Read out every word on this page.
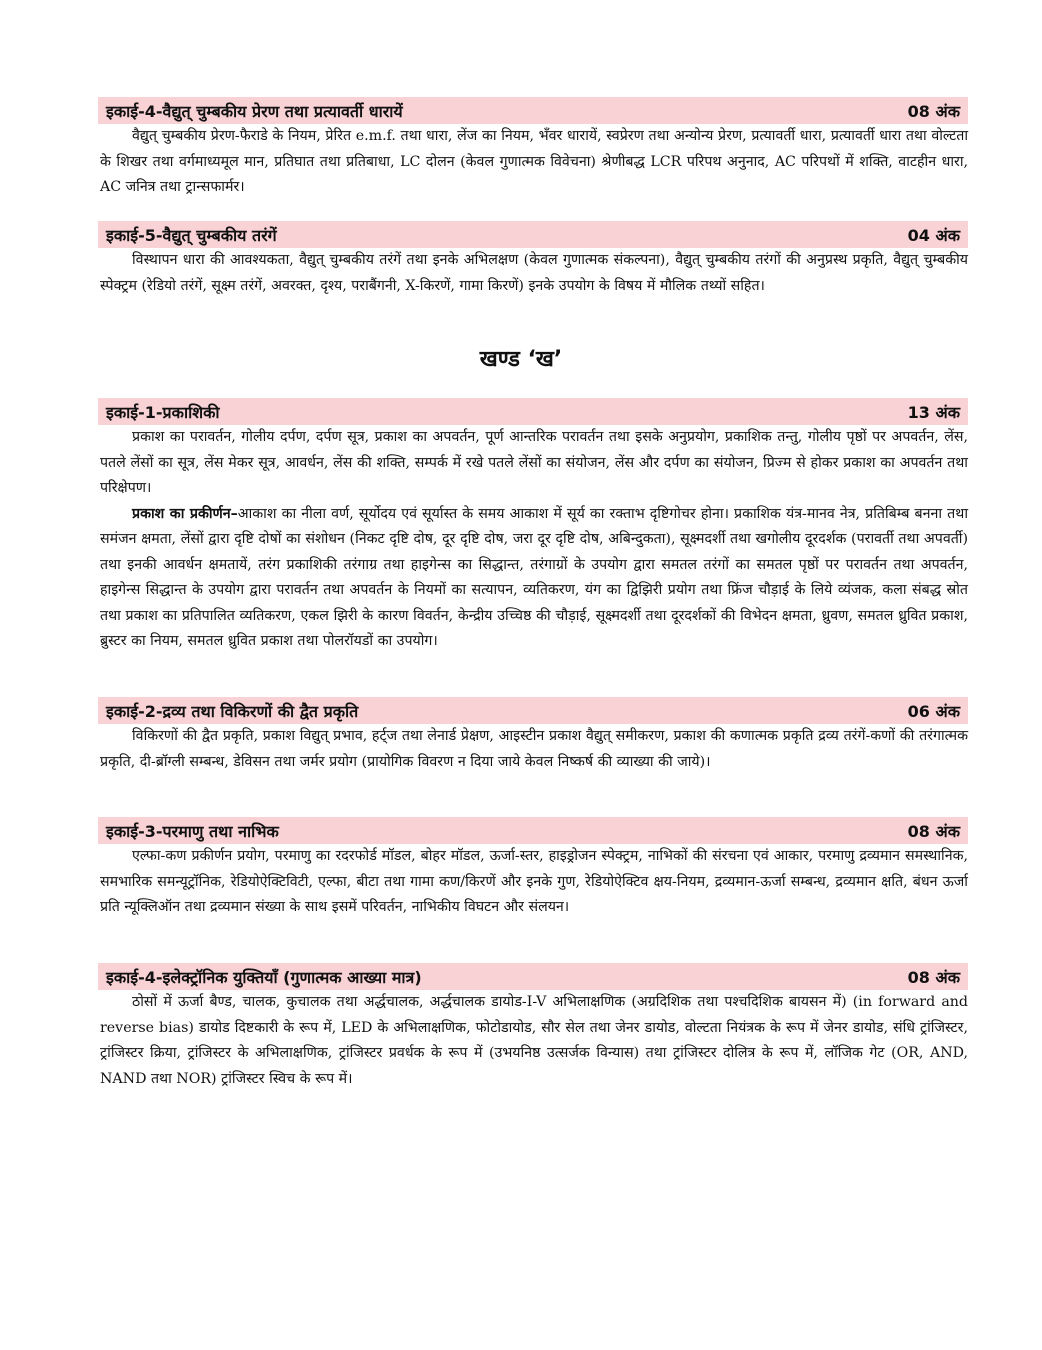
इकाई-4-वैद्युत् चुम्बकीय प्रेरण तथा प्रत्यावर्ती धारायें	08 अंक

वैद्युत् चुम्बकीय प्रेरण-फैराडे के नियम, प्रेरित e.m.f. तथा धारा, लेंज का नियम, भँवर धारायें, स्वप्रेरण तथा अन्योन्य प्रेरण, प्रत्यावर्ती धारा, प्रत्यावर्ती धारा तथा वोल्टता के शिखर तथा वर्गमाध्यमूल मान, प्रतिघात तथा प्रतिबाधा, LC दोलन (केवल गुणात्मक विवेचना) श्रेणीबद्ध LCR परिपथ अनुनाद, AC परिपथों में शक्ति, वाटहीन धारा, AC जनित्र तथा ट्रान्सफार्मर।

इकाई-5-वैद्युत् चुम्बकीय तरंगें	04 अंक

विस्थापन धारा की आवश्यकता, वैद्युत् चुम्बकीय तरंगें तथा इनके अभिलक्षण (केवल गुणात्मक संकल्पना), वैद्युत् चुम्बकीय तरंगों की अनुप्रस्थ प्रकृति, वैद्युत् चुम्बकीय स्पेक्ट्रम (रेडियो तरंगें, सूक्ष्म तरंगें, अवरक्त, दृश्य, पराबैंगनी, X-किरणें, गामा किरणें) इनके उपयोग के विषय में मौलिक तथ्यों सहित।

खण्ड ‘ख’
इकाई-1-प्रकाशिकी	13 अंक

प्रकाश का परावर्तन, गोलीय दर्पण, दर्पण सूत्र, प्रकाश का अपवर्तन, पूर्ण आन्तरिक परावर्तन तथा इसके अनुप्रयोग, प्रकाशिक तन्तु, गोलीय पृष्ठों पर अपवर्तन, लेंस, पतले लेंसों का सूत्र, लेंस मेकर सूत्र, आवर्धन, लेंस की शक्ति, सम्पर्क में रखे पतले लेंसों का संयोजन, लेंस और दर्पण का संयोजन, प्रिज्म से होकर प्रकाश का अपवर्तन तथा परिक्षेपण।

प्रकाश का प्रकीर्णन–आकाश का नीला वर्ण, सूर्योदय एवं सूर्यास्त के समय आकाश में सूर्य का रक्ताभ दृष्टिगोचर होना। प्रकाशिक यंत्र-मानव नेत्र, प्रतिबिम्ब बनना तथा समंजन क्षमता, लेंसों द्वारा दृष्टि दोषों का संशोधन (निकट दृष्टि दोष, दूर दृष्टि दोष, जरा दूर दृष्टि दोष, अबिन्दुकता), सूक्ष्मदर्शी तथा खगोलीय दूरदर्शक (परावर्ती तथा अपवर्ती) तथा इनकी आवर्धन क्षमतायें, तरंग प्रकाशिकी तरंगाग्र तथा हाइगेन्स का सिद्धान्त, तरंगाग्रों के उपयोग द्वारा समतल तरंगों का समतल पृष्ठों पर परावर्तन तथा अपवर्तन, हाइगेन्स सिद्धान्त के उपयोग द्वारा परावर्तन तथा अपवर्तन के नियमों का सत्यापन, व्यतिकरण, यंग का द्विझिरी प्रयोग तथा फ्रिंज चौड़ाई के लिये व्यंजक, कला संबद्ध स्रोत तथा प्रकाश का प्रतिपालित व्यतिकरण, एकल झिरी के कारण विवर्तन, केन्द्रीय उच्चिष्ठ की चौड़ाई, सूक्ष्मदर्शी तथा दूरदर्शकों की विभेदन क्षमता, ध्रुवण, समतल ध्रुवित प्रकाश, ब्रुस्टर का नियम, समतल ध्रुवित प्रकाश तथा पोलरॉयडों का उपयोग।

इकाई-2-द्रव्य तथा विकिरणों की द्वैत प्रकृति	06 अंक

विकिरणों की द्वैत प्रकृति, प्रकाश विद्युत् प्रभाव, हर्ट्ज तथा लेनार्ड प्रेक्षण, आइस्टीन प्रकाश वैद्युत् समीकरण, प्रकाश की कणात्मक प्रकृति द्रव्य तरंगें-कणों की तरंगात्मक प्रकृति, दी-ब्रॉग्ली सम्बन्ध, डेविसन तथा जर्मर प्रयोग (प्रायोगिक विवरण न दिया जाये केवल निष्कर्ष की व्याख्या की जाये)।

इकाई-3-परमाणु तथा नाभिक	08 अंक

एल्फा-कण प्रकीर्णन प्रयोग, परमाणु का रदरफोर्ड मॉडल, बोहर मॉडल, ऊर्जा-स्तर, हाइड्रोजन स्पेक्ट्रम, नाभिकों की संरचना एवं आकार, परमाणु द्रव्यमान समस्थानिक, समभारिक समन्यूट्रॉनिक, रेडियोऐक्टिविटी, एल्फा, बीटा तथा गामा कण/किरणें और इनके गुण, रेडियोऐक्टिव क्षय-नियम, द्रव्यमान-ऊर्जा सम्बन्ध, द्रव्यमान क्षति, बंधन ऊर्जा प्रति न्यूक्लिऑन तथा द्रव्यमान संख्या के साथ इसमें परिवर्तन, नाभिकीय विघटन और संलयन।

इकाई-4-इलेक्ट्रॉनिक युक्तियाँ (गुणात्मक आख्या मात्र)	08 अंक

ठोसों में ऊर्जा बैण्ड, चालक, कुचालक तथा अर्द्धचालक, अर्द्धचालक डायोड-I-V अभिलाक्षणिक (अग्रदिशिक तथा पश्चदिशिक बायसन में) (in forward and reverse bias) डायोड दिष्टकारी के रूप में, LED के अभिलाक्षणिक, फोटोडायोड, सौर सेल तथा जेनर डायोड, वोल्टता नियंत्रक के रूप में जेनर डायोड, संधि ट्रांजिस्टर, ट्रांजिस्टर क्रिया, ट्रांजिस्टर के अभिलाक्षणिक, ट्रांजिस्टर प्रवर्धक के रूप में (उभयनिष्ठ उत्सर्जक विन्यास) तथा ट्रांजिस्टर दोलित्र के रूप में, लॉजिक गेट (OR, AND, NAND तथा NOR) ट्रांजिस्टर स्विच के रूप में।
